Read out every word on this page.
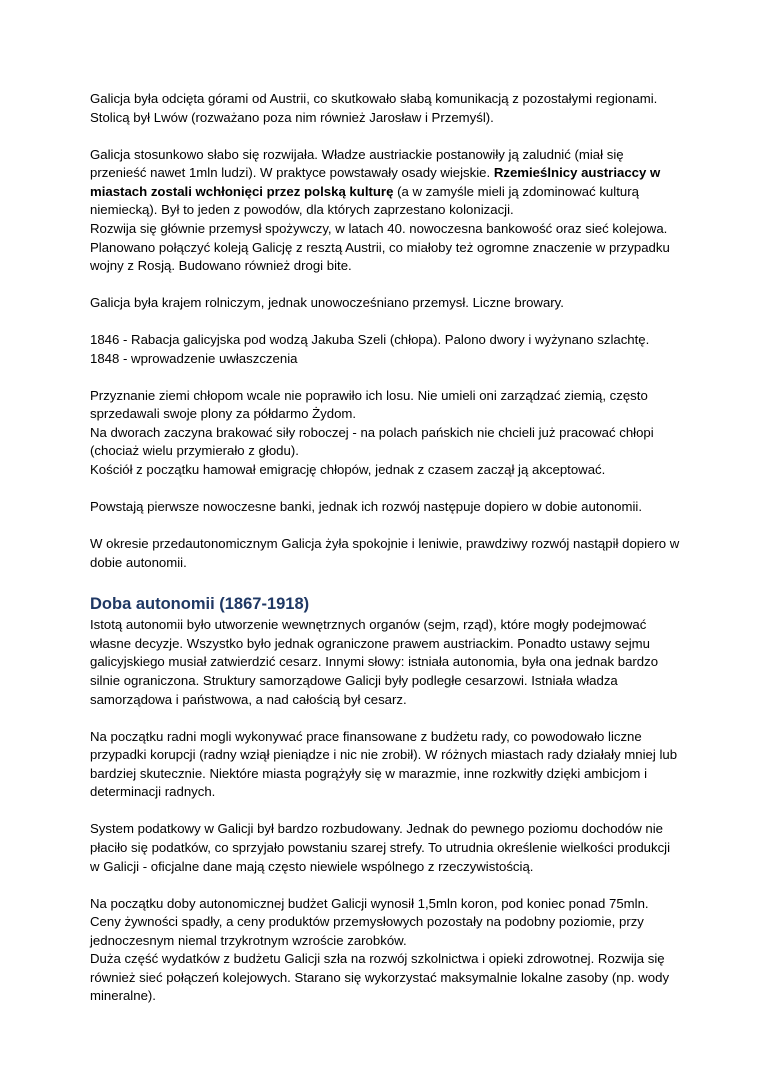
Galicja była odcięta górami od Austrii, co skutkowało słabą komunikacją z pozostałymi regionami. Stolicą był Lwów (rozważano poza nim również Jarosław i Przemyśl).

Galicja stosunkowo słabo się rozwijała. Władze austriackie postanowiły ją zaludnić (miał się przenieść nawet 1mln ludzi). W praktyce powstawały osady wiejskie. Rzemieślnicy austriaccy w miastach zostali wchłonięci przez polską kulturę (a w zamyśle mieli ją zdominować kulturą niemiecką). Był to jeden z powodów, dla których zaprzestano kolonizacji.
Rozwija się głównie przemysł spożywczy, w latach 40. nowoczesna bankowość oraz sieć kolejowa. Planowano połączyć koleją Galicję z resztą Austrii, co miałoby też ogromne znaczenie w przypadku wojny z Rosją. Budowano również drogi bite.

Galicja była krajem rolniczym, jednak unowocześniano przemysł. Liczne browary.

1846 - Rabacja galicyjska pod wodzą Jakuba Szeli (chłopa). Palono dwory i wyżynano szlachtę.
1848 - wprowadzenie uwłaszczenia

Przyznanie ziemi chłopom wcale nie poprawiło ich losu. Nie umieli oni zarządzać ziemią, często sprzedawali swoje plony za półdarmo Żydom.
Na dworach zaczyna brakować siły roboczej - na polach pańskich nie chcieli już pracować chłopi (chociaż wielu przymierało z głodu).
Kościół z początku hamował emigrację chłopów, jednak z czasem zaczął ją akceptować.

Powstają pierwsze nowoczesne banki, jednak ich rozwój następuje dopiero w dobie autonomii.

W okresie przedautonomicznym Galicja żyła spokojnie i leniwie, prawdziwy rozwój nastąpił dopiero w dobie autonomii.

Doba autonomii (1867-1918)

Istotą autonomii było utworzenie wewnętrznych organów (sejm, rząd), które mogły podejmować własne decyzje. Wszystko było jednak ograniczone prawem austriackim. Ponadto ustawy sejmu galicyjskiego musiał zatwierdzić cesarz. Innymi słowy: istniała autonomia, była ona jednak bardzo silnie ograniczona. Struktury samorządowe Galicji były podległe cesarzowi. Istniała władza samorządowa i państwowa, a nad całością był cesarz.

Na początku radni mogli wykonywać prace finansowane z budżetu rady, co powodowało liczne przypadki korupcji (radny wziął pieniądze i nic nie zrobił). W różnych miastach rady działały mniej lub bardziej skutecznie. Niektóre miasta pogrążyły się w marazmie, inne rozkwitły dzięki ambicjom i determinacji radnych.

System podatkowy w Galicji był bardzo rozbudowany. Jednak do pewnego poziomu dochodów nie płaciło się podatków, co sprzyjało powstaniu szarej strefy. To utrudnia określenie wielkości produkcji w Galicji - oficjalne dane mają często niewiele wspólnego z rzeczywistością.

Na początku doby autonomicznej budżet Galicji wynosił 1,5mln koron, pod koniec ponad 75mln. Ceny żywności spadły, a ceny produktów przemysłowych pozostały na podobny poziomie, przy jednoczesnym niemal trzykrotnym wzroście zarobków.
Duża część wydatków z budżetu Galicji szła na rozwój szkolnictwa i opieki zdrowotnej. Rozwija się również sieć połączeń kolejowych. Starano się wykorzystać maksymalnie lokalne zasoby (np. wody mineralne).
